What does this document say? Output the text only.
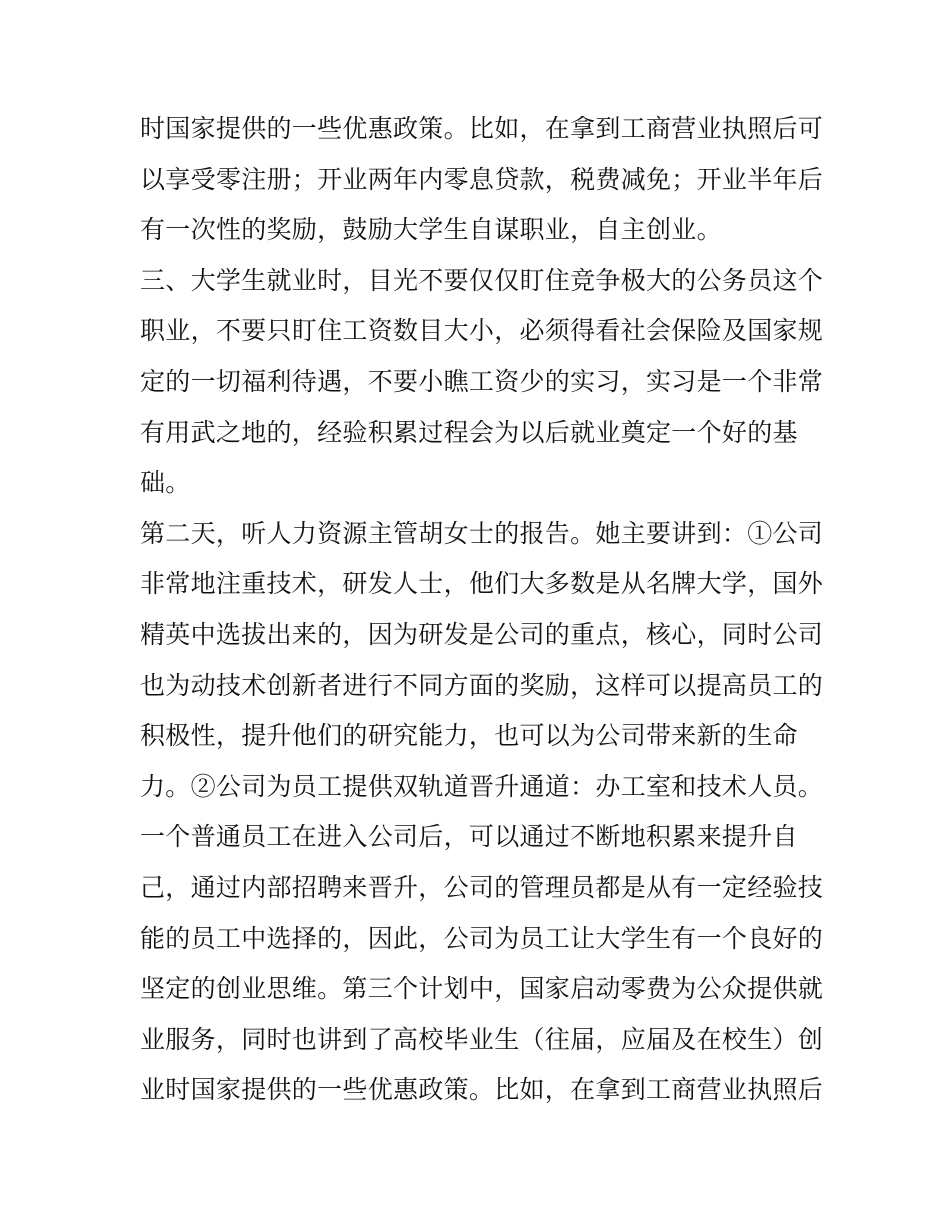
时国家提供的一些优惠政策。比如，在拿到工商营业执照后可
以享受零注册；开业两年内零息贷款，税费减免；开业半年后
有一次性的奖励，鼓励大学生自谋职业，自主创业。
三、大学生就业时，目光不要仅仅盯住竞争极大的公务员这个
职业，不要只盯住工资数目大小，必须得看社会保险及国家规
定的一切福利待遇，不要小瞧工资少的实习，实习是一个非常
有用武之地的，经验积累过程会为以后就业奠定一个好的基
础。
第二天，听人力资源主管胡女士的报告。她主要讲到：①公司
非常地注重技术，研发人士，他们大多数是从名牌大学，国外
精英中选拔出来的，因为研发是公司的重点，核心，同时公司
也为动技术创新者进行不同方面的奖励，这样可以提高员工的
积极性，提升他们的研究能力，也可以为公司带来新的生命
力。②公司为员工提供双轨道晋升通道：办工室和技术人员。
一个普通员工在进入公司后，可以通过不断地积累来提升自
己，通过内部招聘来晋升，公司的管理员都是从有一定经验技
能的员工中选择的，因此，公司为员工让大学生有一个良好的
坚定的创业思维。第三个计划中，国家启动零费为公众提供就
业服务，同时也讲到了高校毕业生（往届，应届及在校生）创
业时国家提供的一些优惠政策。比如，在拿到工商营业执照后
